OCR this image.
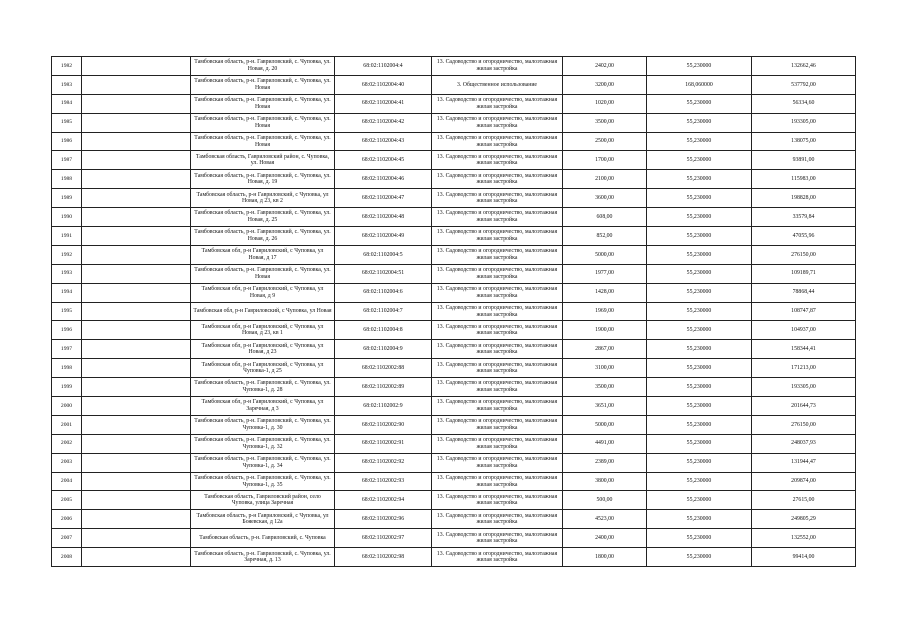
1982		Тамбовская область, р-н. Гавриловский, с. Чуповка, ул. Новая, д. 20	68:02:1102004:4	13. Садоводство и огородничество, малоэтажная жилая застройка	2402,00	55,230000	132662,46
1983		Тамбовская область, р-н. Гавриловский, с. Чуповка, ул. Новая	68:02:1102004:40	3. Общественное использование	3200,00	168,060000	537792,00
1984		Тамбовская область, р-н. Гавриловский, с. Чуповка, ул. Новая	68:02:1102004:41	13. Садоводство и огородничество, малоэтажная жилая застройка	1020,00	55,230000	56334,60
1985		Тамбовская область, р-н. Гавриловский, с. Чуповка, ул. Новая	68:02:1102004:42	13. Садоводство и огородничество, малоэтажная жилая застройка	3500,00	55,230000	193305,00
1986		Тамбовская область, р-н. Гавриловский, с. Чуповка, ул. Новая	68:02:1102004:43	13. Садоводство и огородничество, малоэтажная жилая застройка	2500,00	55,230000	138075,00
1987		Тамбовская область, Гавриловский район, с. Чуповка, ул. Новая	68:02:1102004:45	13. Садоводство и огородничество, малоэтажная жилая застройка	1700,00	55,230000	93891,00
1988		Тамбовская область, р-н. Гавриловский, с. Чуповка, ул. Новая, д. 19	68:02:1102004:46	13. Садоводство и огородничество, малоэтажная жилая застройка	2100,00	55,230000	115983,00
1989		Тамбовская область, р-н Гавриловский, с Чуповка, ул Новая, д 23, кв 2	68:02:1102004:47	13. Садоводство и огородничество, малоэтажная жилая застройка	3600,00	55,230000	198828,00
1990		Тамбовская область, р-н. Гавриловский, с. Чуповка, ул. Новая, д. 25	68:02:1102004:48	13. Садоводство и огородничество, малоэтажная жилая застройка	608,00	55,230000	33579,84
1991		Тамбовская область, р-н. Гавриловский, с. Чуповка, ул. Новая, д. 26	68:02:1102004:49	13. Садоводство и огородничество, малоэтажная жилая застройка	852,00	55,230000	47055,96
1992		Тамбовская обл, р-н Гавриловский, с Чуповка, ул Новая, д 17	68:02:1102004:5	13. Садоводство и огородничество, малоэтажная жилая застройка	5000,00	55,230000	276150,00
1993		Тамбовская область, р-н. Гавриловский, с. Чуповка, ул. Новая	68:02:1102004:51	13. Садоводство и огородничество, малоэтажная жилая застройка	1977,00	55,230000	109189,71
1994		Тамбовская обл, р-н Гавриловский, с Чуповка, ул Новая, д 9	68:02:1102004:6	13. Садоводство и огородничество, малоэтажная жилая застройка	1428,00	55,230000	78868,44
1995		Тамбовская обл, р-н Гавриловский, с Чуповка, ул Новая	68:02:1102004:7	13. Садоводство и огородничество, малоэтажная жилая застройка	1969,00	55,230000	108747,87
1996		Тамбовская обл, р-н Гавриловский, с Чуповка, ул Новая, д 23, кв 1	68:02:1102004:8	13. Садоводство и огородничество, малоэтажная жилая застройка	1900,00	55,230000	104937,00
1997		Тамбовская обл, р-н Гавриловский, с Чуповка, ул Новая, д 23	68:02:1102004:9	13. Садоводство и огородничество, малоэтажная жилая застройка	2867,00	55,230000	158344,41
1998		Тамбовская обл, р-н Гавриловский, с Чуповка, ул Чуповка-1, д 25	68:02:1102002:88	13. Садоводство и огородничество, малоэтажная жилая застройка	3100,00	55,230000	171213,00
1999		Тамбовская область, р-н. Гавриловский, с. Чуповка, ул. Чуповка-1, д. 28	68:02:1102002:89	13. Садоводство и огородничество, малоэтажная жилая застройка	3500,00	55,230000	193305,00
2000		Тамбовская обл, р-н Гавриловский, с Чуповка, ул Заречная, д 3	68:02:1102002:9	13. Садоводство и огородничество, малоэтажная жилая застройка	3651,00	55,230000	201644,73
2001		Тамбовская область, р-н. Гавриловский, с. Чуповка, ул. Чуповка-1, д. 30	68:02:1102002:90	13. Садоводство и огородничество, малоэтажная жилая застройка	5000,00	55,230000	276150,00
2002		Тамбовская область, р-н. Гавриловский, с. Чуповка, ул. Чуповка-1, д. 32	68:02:1102002:91	13. Садоводство и огородничество, малоэтажная жилая застройка	4491,00	55,230000	248037,93
2003		Тамбовская область, р-н. Гавриловский, с. Чуповка, ул. Чуповка-1, д. 34	68:02:1102002:92	13. Садоводство и огородничество, малоэтажная жилая застройка	2389,00	55,230000	131944,47
2004		Тамбовская область, р-н. Гавриловский, с. Чуповка, ул. Чуповка-1, д. 35	68:02:1102002:93	13. Садоводство и огородничество, малоэтажная жилая застройка	3800,00	55,230000	209874,00
2005		Тамбовская область, Гавриловский район, село Чуповка, улица Заречная	68:02:1102002:94	13. Садоводство и огородничество, малоэтажная жилая застройка	500,00	55,230000	27615,00
2006		Тамбовская область, р-н Гавриловский, с Чуповка, ул Бояевская, д 12а	68:02:1102002:96	13. Садоводство и огородничество, малоэтажная жилая застройка	4523,00	55,230000	249805,29
2007		Тамбовская область, р-н. Гавриловский, с. Чуповка	68:02:1102002:97	13. Садоводство и огородничество, малоэтажная жилая застройка	2400,00	55,230000	132552,00
2008		Тамбовская область, р-н. Гавриловский, с. Чуповка, ул. Заречная, д. 13	68:02:1102002:98	13. Садоводство и огородничество, малоэтажная жилая застройка	1800,00	55,230000	99414,00
